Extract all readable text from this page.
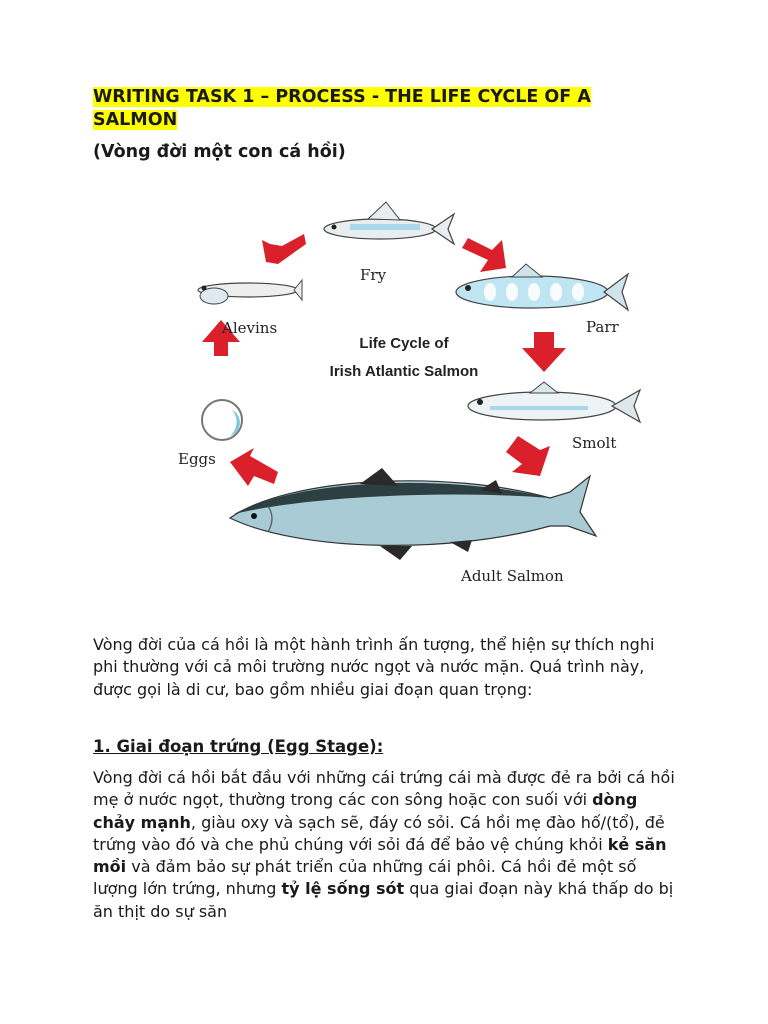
WRITING TASK 1 – PROCESS - THE LIFE CYCLE OF A
SALMON
(Vòng đời một con cá hồi)
Fry
Parr
Smolt
Adult Salmon
Eggs
Alevins
Life Cycle of
Irish Atlantic Salmon
Vòng đời của cá hồi là một hành trình ấn tượng, thể hiện sự thích nghi phi thường với cả môi trường nước ngọt và nước mặn. Quá trình này, được gọi là di cư, bao gồm nhiều giai đoạn quan trọng:
1. Giai đoạn trứng (Egg Stage):
Vòng đời cá hồi bắt đầu với những cái trứng cái mà được đẻ ra bởi cá hồi mẹ ở nước ngọt, thường trong các con sông hoặc con suối với dòng chảy mạnh, giàu oxy và sạch sẽ, đáy có sỏi. Cá hồi mẹ đào hố/(tổ), đẻ trứng vào đó và che phủ chúng với sỏi đá để bảo vệ chúng khỏi kẻ săn mồi và đảm bảo sự phát triển của những cái phôi. Cá hồi đẻ một số lượng lớn trứng, nhưng tỷ lệ sống sót qua giai đoạn này khá thấp do bị ăn thịt do sự săn
